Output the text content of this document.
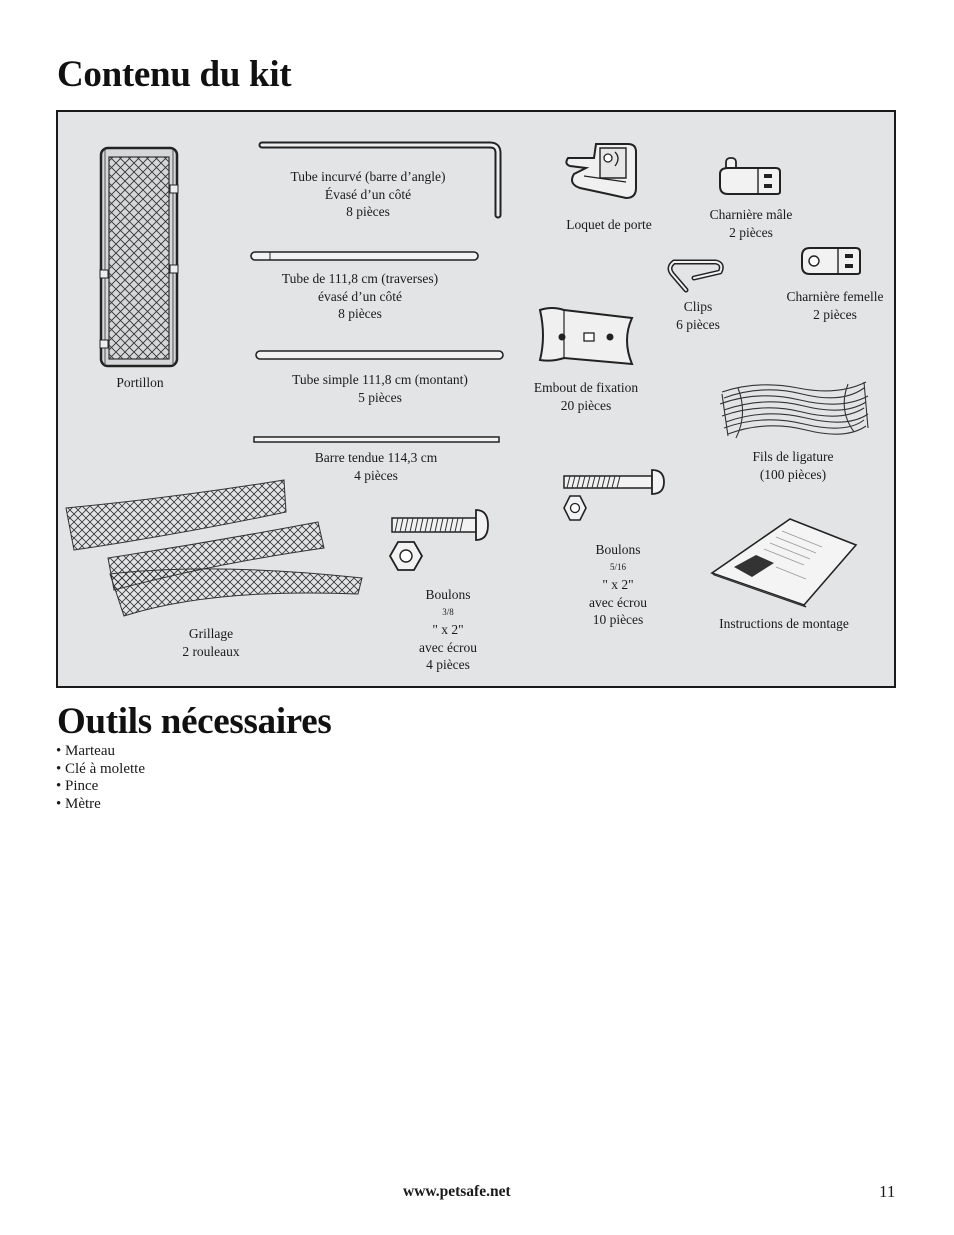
Contenu du kit
Portillon
Tube incurvé (barre d’angle)
Évasé d’un côté
8 pièces
Tube de 111,8 cm (traverses)
évasé d’un côté
8 pièces
Tube simple 111,8 cm (montant)
5 pièces
Barre tendue 114,3 cm
4 pièces
Loquet de porte
Charnière mâle
2 pièces
Clips
6 pièces
Charnière femelle
2 pièces
Embout de fixation
20 pièces
Fils de ligature
(100 pièces)
Grillage
2 rouleaux
Boulons
3/8
" x 2"
avec écrou
4 pièces
Boulons
5/16
" x 2"
avec écrou
10 pièces	Instructions de montage
Outils nécessaires
• Marteau
• Clé à molette
• Pince
• Mètre
www.petsafe.net	11
